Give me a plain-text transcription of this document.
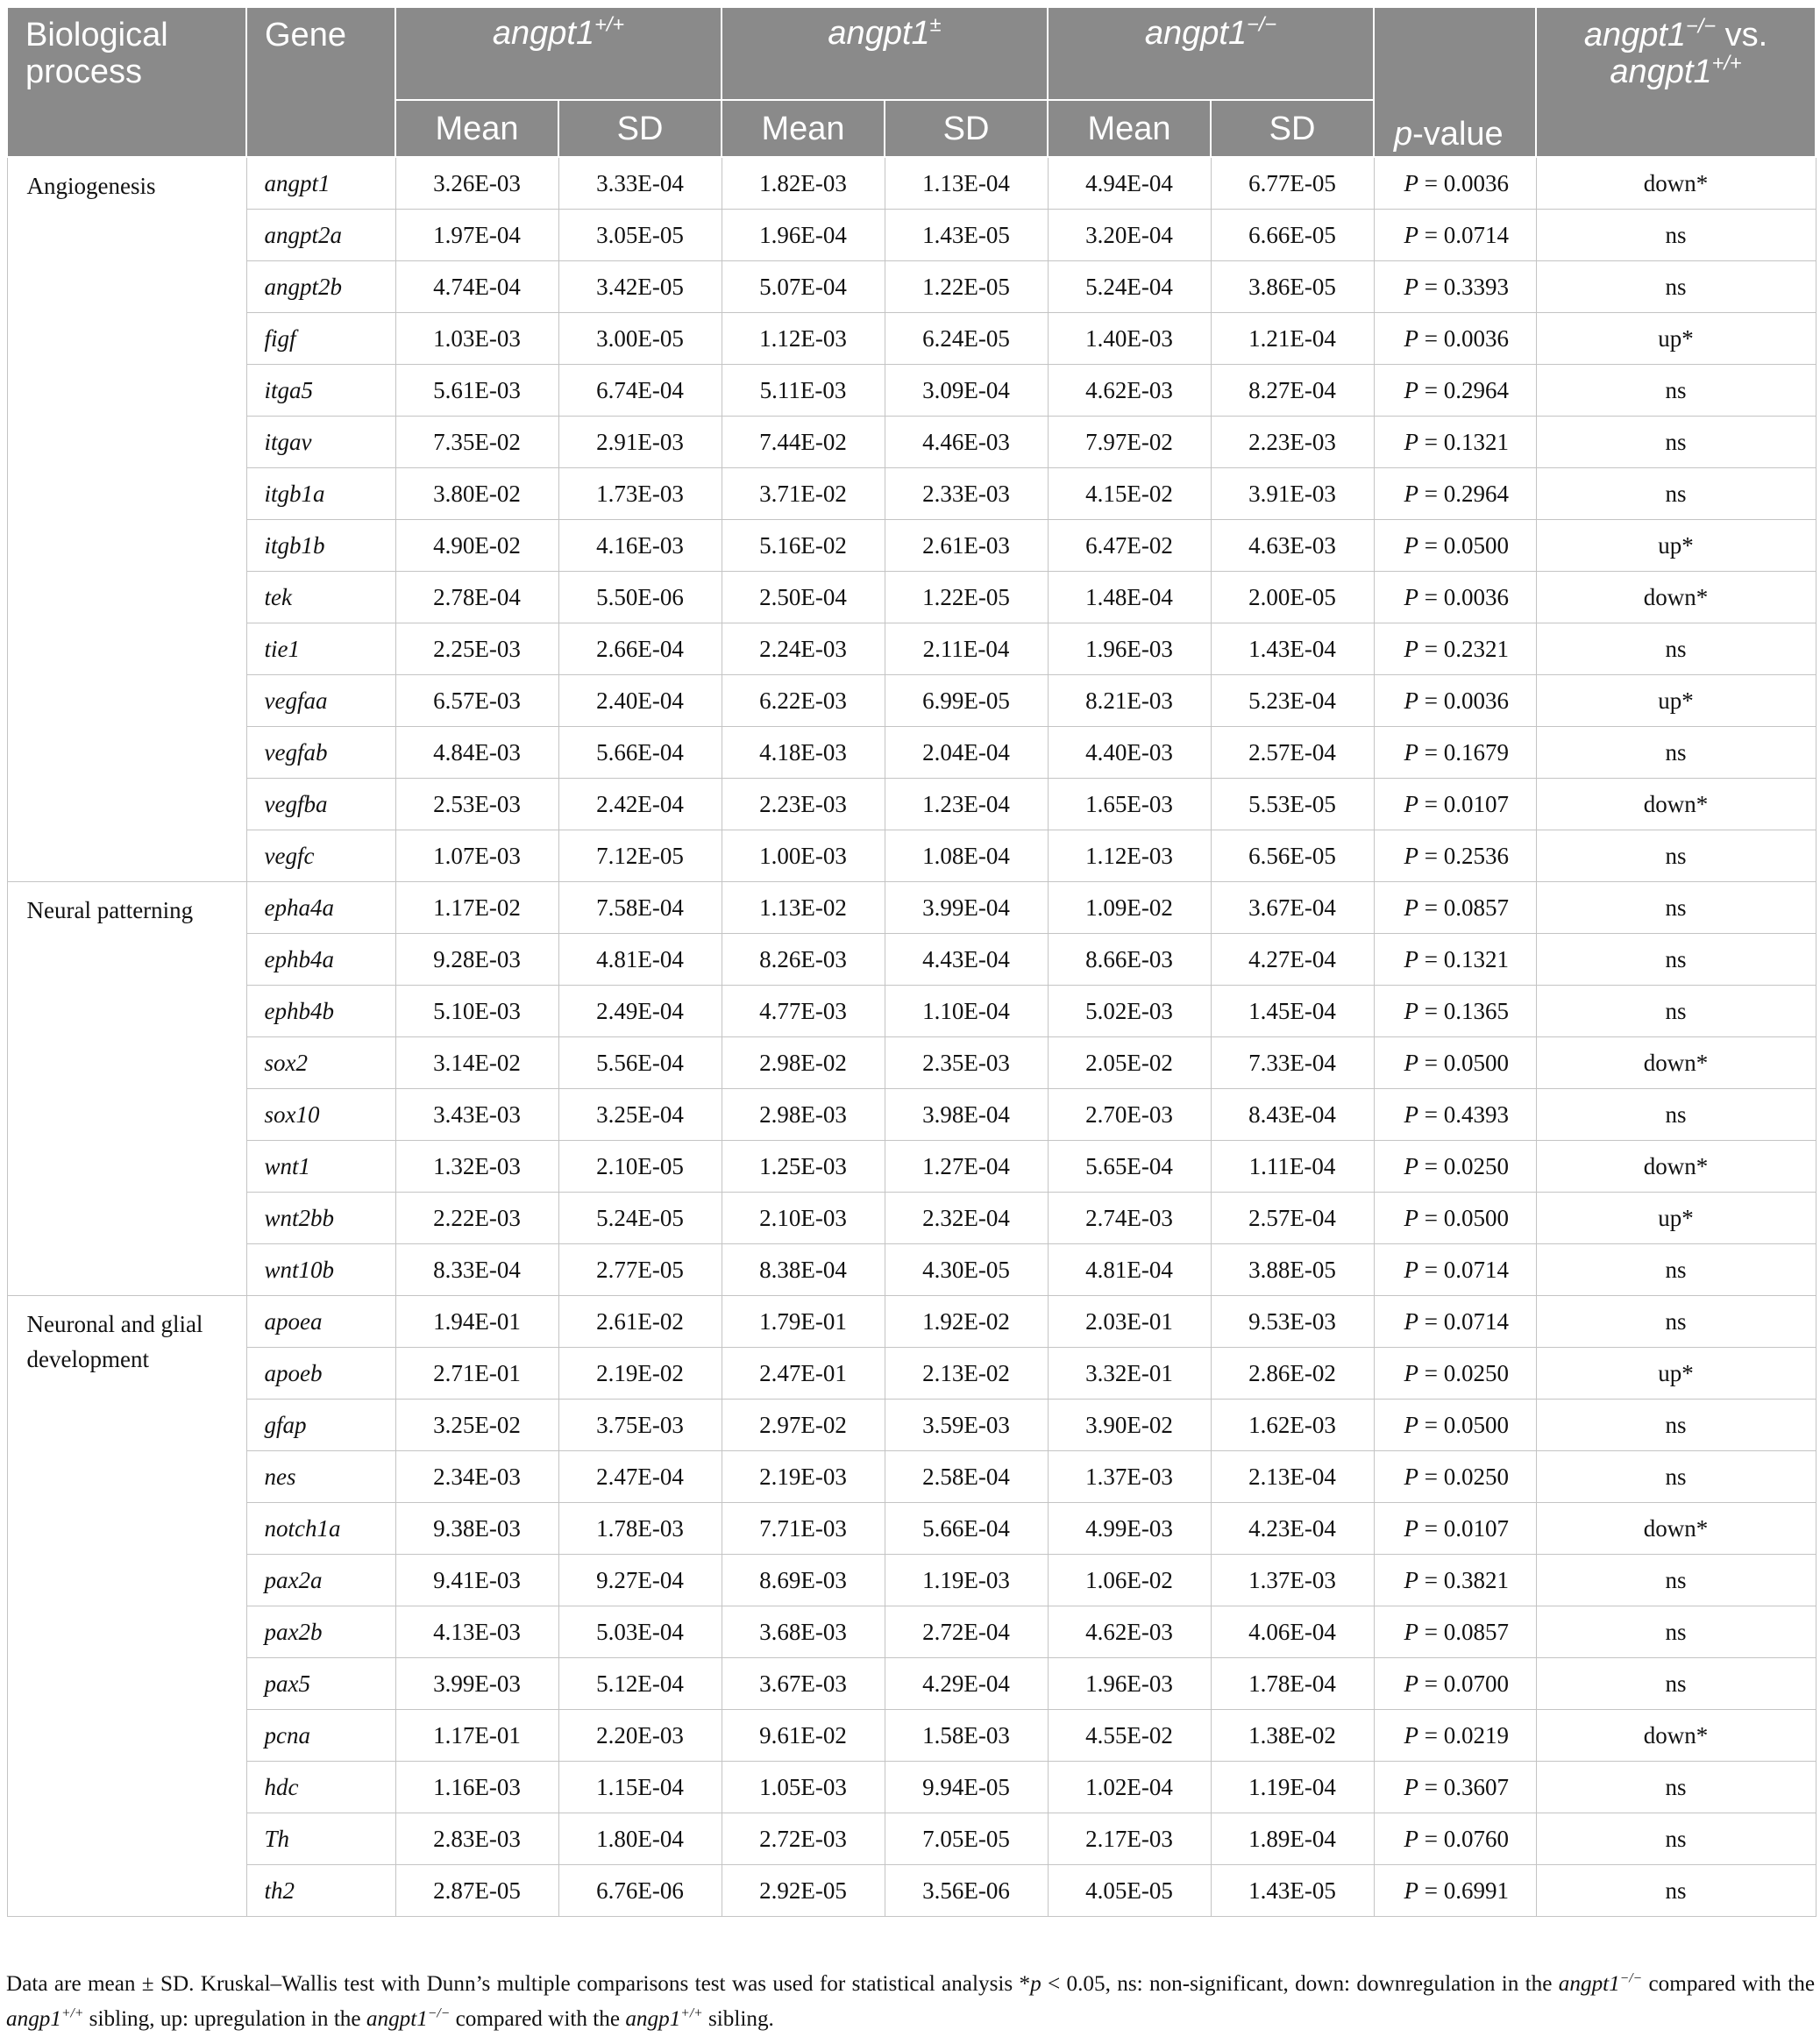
Biological process	Gene	angpt1+/+		angpt1±		angpt1−/−		p-value	angpt1−/− vs.
angpt1+/+
		Mean	SD	Mean	SD	Mean	SD		
Angiogenesis	angpt1	3.26E-03	3.33E-04	1.82E-03	1.13E-04	4.94E-04	6.77E-05	P = 0.0036	down*
	angpt2a	1.97E-04	3.05E-05	1.96E-04	1.43E-05	3.20E-04	6.66E-05	P = 0.0714	ns
	angpt2b	4.74E-04	3.42E-05	5.07E-04	1.22E-05	5.24E-04	3.86E-05	P = 0.3393	ns
	figf	1.03E-03	3.00E-05	1.12E-03	6.24E-05	1.40E-03	1.21E-04	P = 0.0036	up*
	itga5	5.61E-03	6.74E-04	5.11E-03	3.09E-04	4.62E-03	8.27E-04	P = 0.2964	ns
	itgav	7.35E-02	2.91E-03	7.44E-02	4.46E-03	7.97E-02	2.23E-03	P = 0.1321	ns
	itgb1a	3.80E-02	1.73E-03	3.71E-02	2.33E-03	4.15E-02	3.91E-03	P = 0.2964	ns
	itgb1b	4.90E-02	4.16E-03	5.16E-02	2.61E-03	6.47E-02	4.63E-03	P = 0.0500	up*
	tek	2.78E-04	5.50E-06	2.50E-04	1.22E-05	1.48E-04	2.00E-05	P = 0.0036	down*
	tie1	2.25E-03	2.66E-04	2.24E-03	2.11E-04	1.96E-03	1.43E-04	P = 0.2321	ns
	vegfaa	6.57E-03	2.40E-04	6.22E-03	6.99E-05	8.21E-03	5.23E-04	P = 0.0036	up*
	vegfab	4.84E-03	5.66E-04	4.18E-03	2.04E-04	4.40E-03	2.57E-04	P = 0.1679	ns
	vegfba	2.53E-03	2.42E-04	2.23E-03	1.23E-04	1.65E-03	5.53E-05	P = 0.0107	down*
	vegfc	1.07E-03	7.12E-05	1.00E-03	1.08E-04	1.12E-03	6.56E-05	P = 0.2536	ns
Neural patterning	epha4a	1.17E-02	7.58E-04	1.13E-02	3.99E-04	1.09E-02	3.67E-04	P = 0.0857	ns
	ephb4a	9.28E-03	4.81E-04	8.26E-03	4.43E-04	8.66E-03	4.27E-04	P = 0.1321	ns
	ephb4b	5.10E-03	2.49E-04	4.77E-03	1.10E-04	5.02E-03	1.45E-04	P = 0.1365	ns
	sox2	3.14E-02	5.56E-04	2.98E-02	2.35E-03	2.05E-02	7.33E-04	P = 0.0500	down*
	sox10	3.43E-03	3.25E-04	2.98E-03	3.98E-04	2.70E-03	8.43E-04	P = 0.4393	ns
	wnt1	1.32E-03	2.10E-05	1.25E-03	1.27E-04	5.65E-04	1.11E-04	P = 0.0250	down*
	wnt2bb	2.22E-03	5.24E-05	2.10E-03	2.32E-04	2.74E-03	2.57E-04	P = 0.0500	up*
	wnt10b	8.33E-04	2.77E-05	8.38E-04	4.30E-05	4.81E-04	3.88E-05	P = 0.0714	ns
Neuronal and glial development	apoea	1.94E-01	2.61E-02	1.79E-01	1.92E-02	2.03E-01	9.53E-03	P = 0.0714	ns
	apoeb	2.71E-01	2.19E-02	2.47E-01	2.13E-02	3.32E-01	2.86E-02	P = 0.0250	up*
	gfap	3.25E-02	3.75E-03	2.97E-02	3.59E-03	3.90E-02	1.62E-03	P = 0.0500	ns
	nes	2.34E-03	2.47E-04	2.19E-03	2.58E-04	1.37E-03	2.13E-04	P = 0.0250	ns
	notch1a	9.38E-03	1.78E-03	7.71E-03	5.66E-04	4.99E-03	4.23E-04	P = 0.0107	down*
	pax2a	9.41E-03	9.27E-04	8.69E-03	1.19E-03	1.06E-02	1.37E-03	P = 0.3821	ns
	pax2b	4.13E-03	5.03E-04	3.68E-03	2.72E-04	4.62E-03	4.06E-04	P = 0.0857	ns
	pax5	3.99E-03	5.12E-04	3.67E-03	4.29E-04	1.96E-03	1.78E-04	P = 0.0700	ns
	pcna	1.17E-01	2.20E-03	9.61E-02	1.58E-03	4.55E-02	1.38E-02	P = 0.0219	down*
	hdc	1.16E-03	1.15E-04	1.05E-03	9.94E-05	1.02E-04	1.19E-04	P = 0.3607	ns
	Th	2.83E-03	1.80E-04	2.72E-03	7.05E-05	2.17E-03	1.89E-04	P = 0.0760	ns
	th2	2.87E-05	6.76E-06	2.92E-05	3.56E-06	4.05E-05	1.43E-05	P = 0.6991	ns
Data are mean ± SD. Kruskal–Wallis test with Dunn’s multiple comparisons test was used for statistical analysis *p < 0.05, ns: non-significant, down: downregulation in the angpt1−/− compared with the angp1+/+ sibling, up: upregulation in the angpt1−/− compared with the angp1+/+ sibling.
